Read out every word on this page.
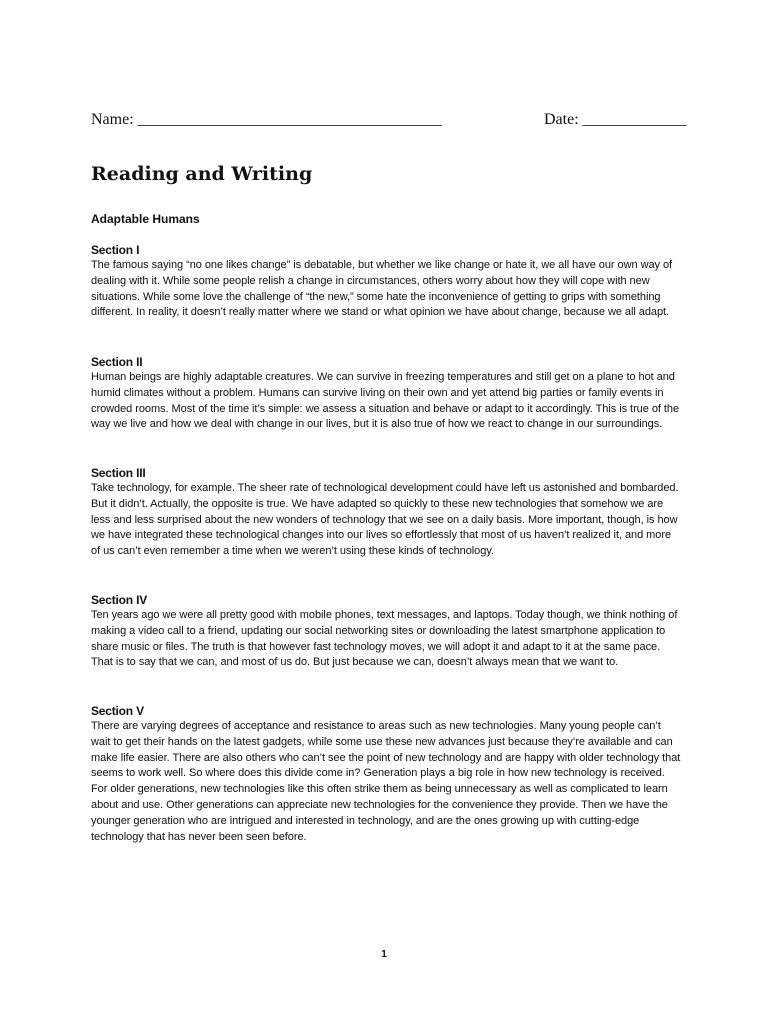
Name: ______________________________________	Date: _____________
Reading and Writing
Adaptable Humans
Section I

The famous saying “no one likes change” is debatable, but whether we like change or hate it, we all have our own way of dealing with it. While some people relish a change in circumstances, others worry about how they will cope with new situations. While some love the challenge of “the new,” some hate the inconvenience of getting to grips with something different. In reality, it doesn’t really matter where we stand or what opinion we have about change, because we all adapt.

Section II

Human beings are highly adaptable creatures. We can survive in freezing temperatures and still get on a plane to hot and humid climates without a problem. Humans can survive living on their own and yet attend big parties or family events in crowded rooms. Most of the time it’s simple: we assess a situation and behave or adapt to it accordingly. This is true of the way we live and how we deal with change in our lives, but it is also true of how we react to change in our surroundings.

Section III

Take technology, for example. The sheer rate of technological development could have left us astonished and bombarded. But it didn’t. Actually, the opposite is true. We have adapted so quickly to these new technologies that somehow we are less and less surprised about the new wonders of technology that we see on a daily basis. More important, though, is how we have integrated these technological changes into our lives so effortlessly that most of us haven’t realized it, and more of us can’t even remember a time when we weren’t using these kinds of technology.

Section IV

Ten years ago we were all pretty good with mobile phones, text messages, and laptops. Today though, we think nothing of making a video call to a friend, updating our social networking sites or downloading the latest smartphone application to share music or files. The truth is that however fast technology moves, we will adopt it and adapt to it at the same pace. That is to say that we can, and most of us do. But just because we can, doesn’t always mean that we want to.

Section V

There are varying degrees of acceptance and resistance to areas such as new technologies. Many young people can’t wait to get their hands on the latest gadgets, while some use these new advances just because they’re available and can make life easier. There are also others who can’t see the point of new technology and are happy with older technology that seems to work well. So where does this divide come in? Generation plays a big role in how new technology is received. For older generations, new technologies like this often strike them as being unnecessary as well as complicated to learn about and use. Other generations can appreciate new technologies for the convenience they provide. Then we have the younger generation who are intrigued and interested in technology, and are the ones growing up with cutting-edge technology that has never been seen before.

1
